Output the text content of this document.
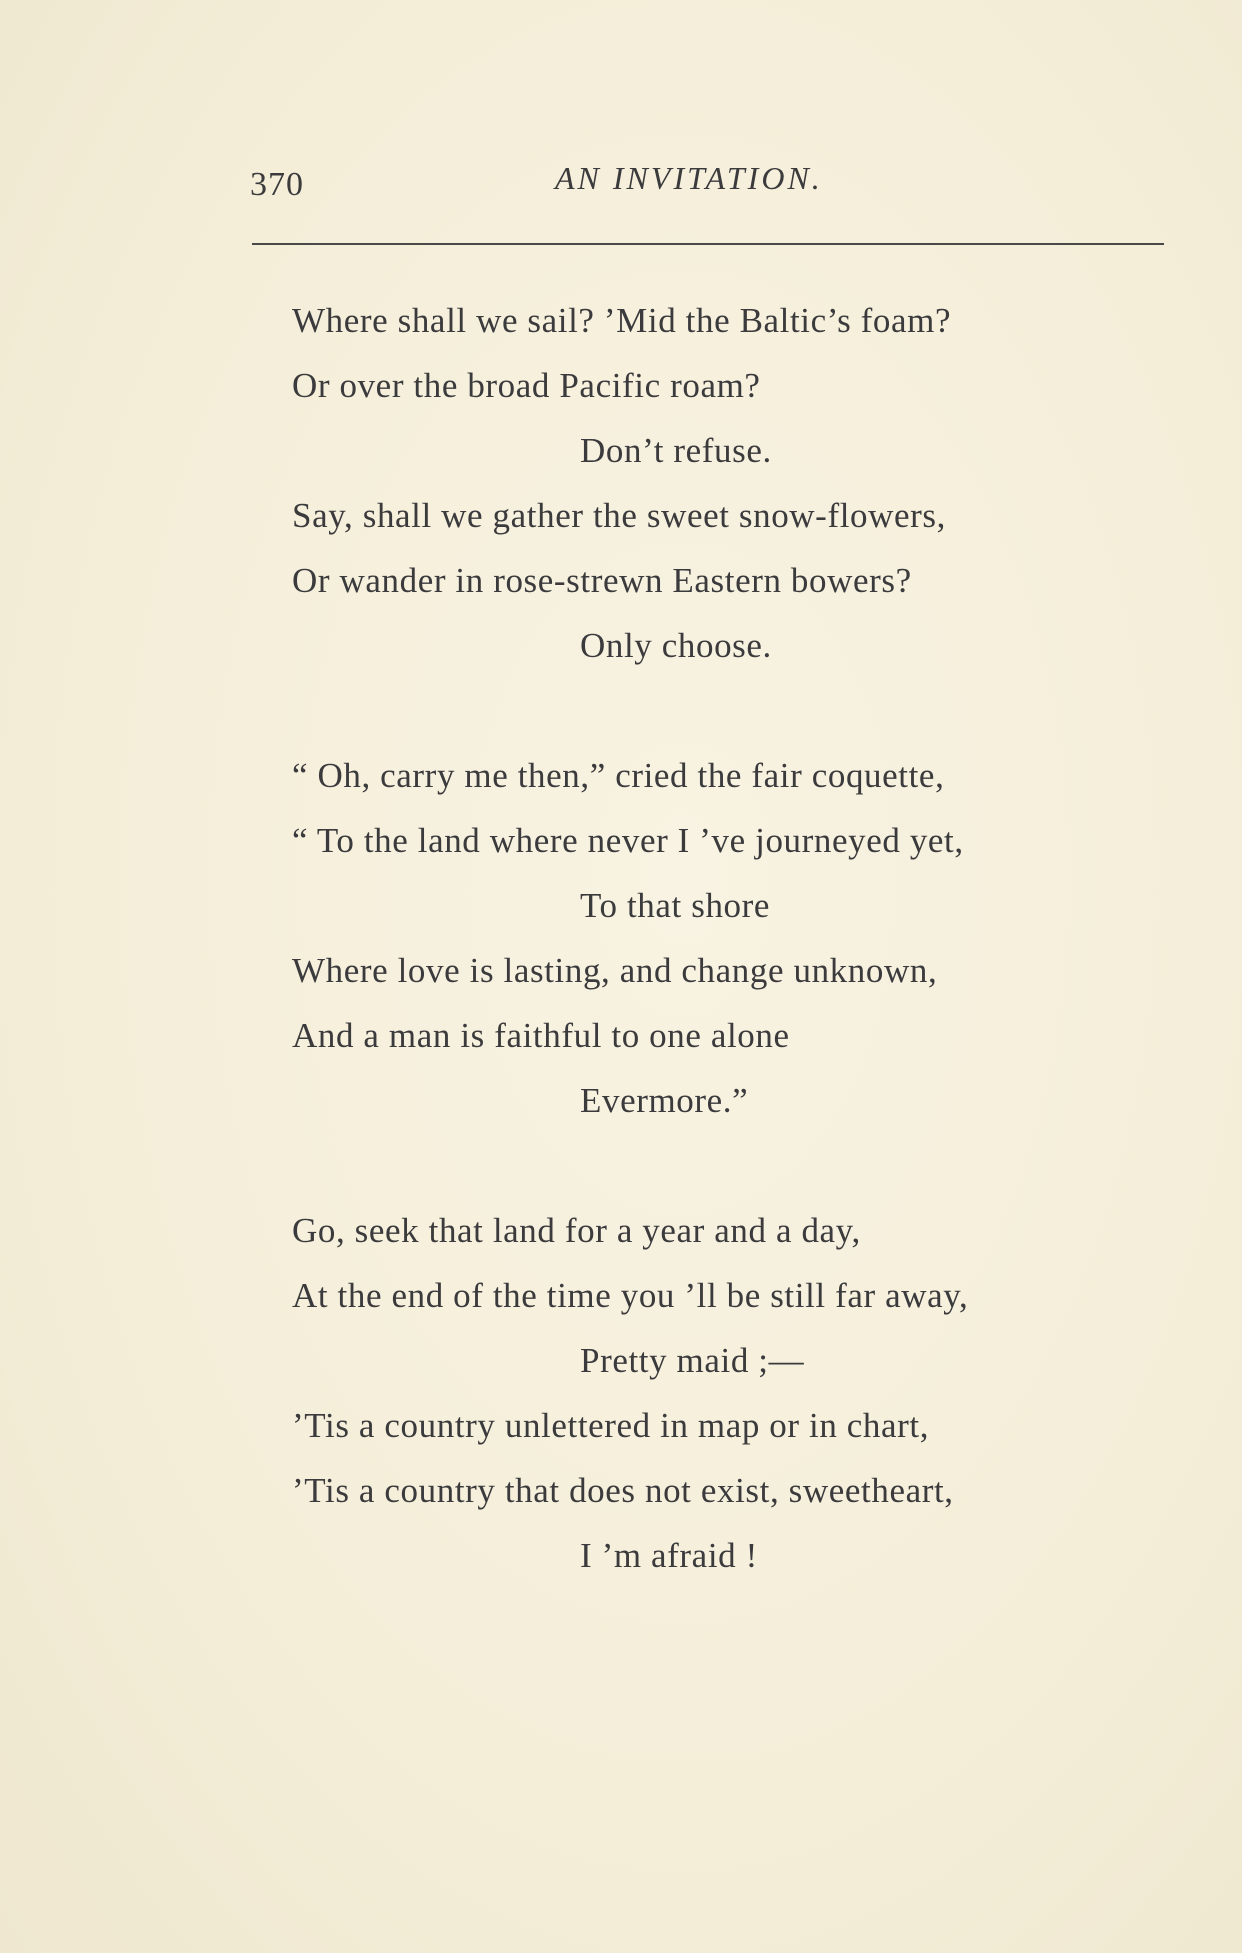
370	AN INVITATION.
Where shall we sail? ’Mid the Baltic’s foam?
Or over the broad Pacific roam?
Don’t refuse.
Say, shall we gather the sweet snow-flowers,
Or wander in rose-strewn Eastern bowers?
Only choose.
“ Oh, carry me then,” cried the fair coquette,
“ To the land where never I ’ve journeyed yet,
To that shore
Where love is lasting, and change unknown,
And a man is faithful to one alone
Evermore.”
Go, seek that land for a year and a day,
At the end of the time you ’ll be still far away,
Pretty maid ;—
’Tis a country unlettered in map or in chart,
’Tis a country that does not exist, sweetheart,
I ’m afraid !
